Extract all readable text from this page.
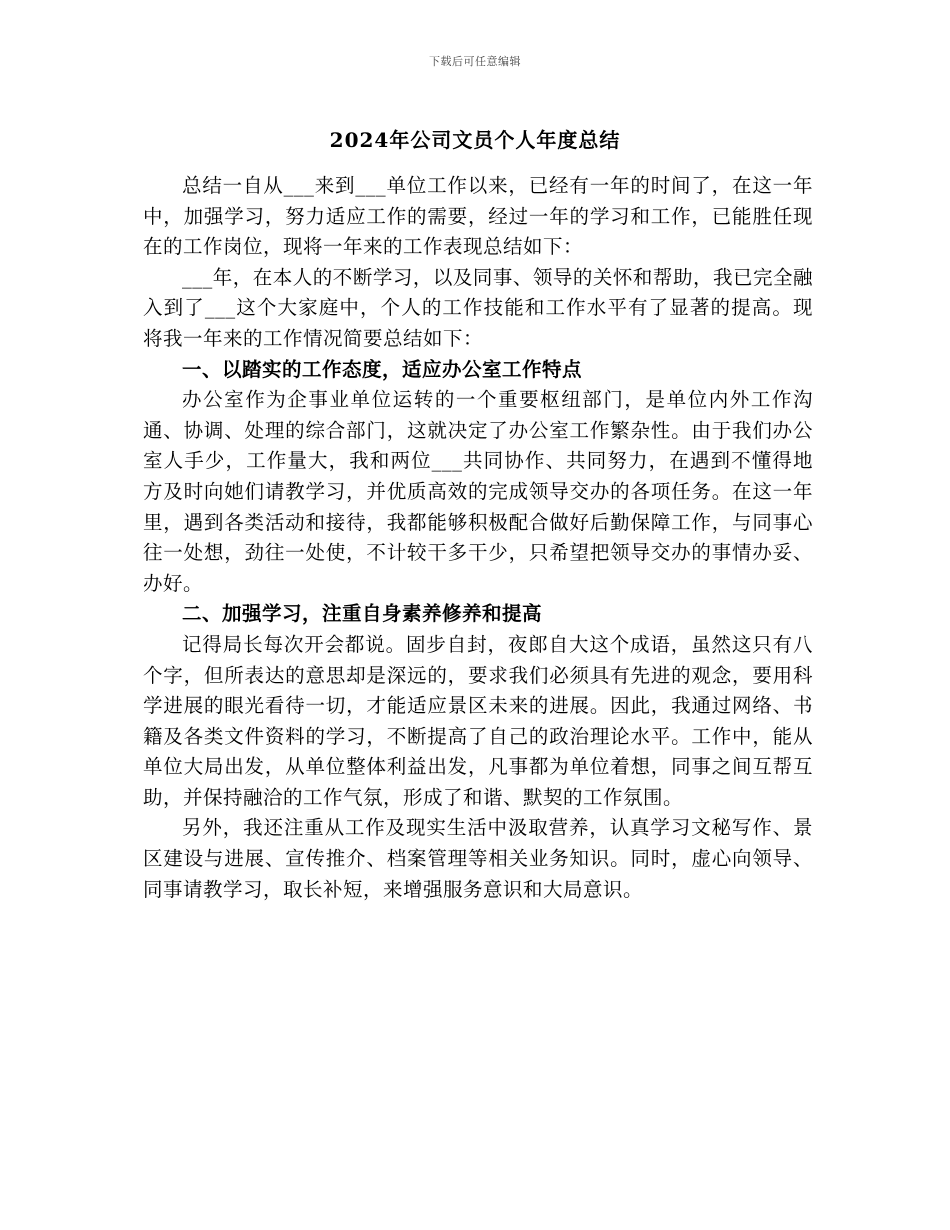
下载后可任意编辑
2024年公司文员个人年度总结

总结一自从___来到___单位工作以来，已经有一年的时间了，在这一年中，加强学习，努力适应工作的需要，经过一年的学习和工作，已能胜任现在的工作岗位，现将一年来的工作表现总结如下：

___年，在本人的不断学习，以及同事、领导的关怀和帮助，我已完全融入到了___这个大家庭中，个人的工作技能和工作水平有了显著的提高。现将我一年来的工作情况简要总结如下：

一、以踏实的工作态度，适应办公室工作特点

办公室作为企事业单位运转的一个重要枢纽部门，是单位内外工作沟通、协调、处理的综合部门，这就决定了办公室工作繁杂性。由于我们办公室人手少，工作量大，我和两位___共同协作、共同努力，在遇到不懂得地方及时向她们请教学习，并优质高效的完成领导交办的各项任务。在这一年里，遇到各类活动和接待，我都能够积极配合做好后勤保障工作，与同事心往一处想，劲往一处使，不计较干多干少，只希望把领导交办的事情办妥、办好。

二、加强学习，注重自身素养修养和提高

记得局长每次开会都说。固步自封，夜郎自大这个成语，虽然这只有八个字，但所表达的意思却是深远的，要求我们必须具有先进的观念，要用科学进展的眼光看待一切，才能适应景区未来的进展。因此，我通过网络、书籍及各类文件资料的学习，不断提高了自己的政治理论水平。工作中，能从单位大局出发，从单位整体利益出发，凡事都为单位着想，同事之间互帮互助，并保持融洽的工作气氛，形成了和谐、默契的工作氛围。

另外，我还注重从工作及现实生活中汲取营养，认真学习文秘写作、景区建设与进展、宣传推介、档案管理等相关业务知识。同时，虚心向领导、同事请教学习，取长补短，来增强服务意识和大局意识。
